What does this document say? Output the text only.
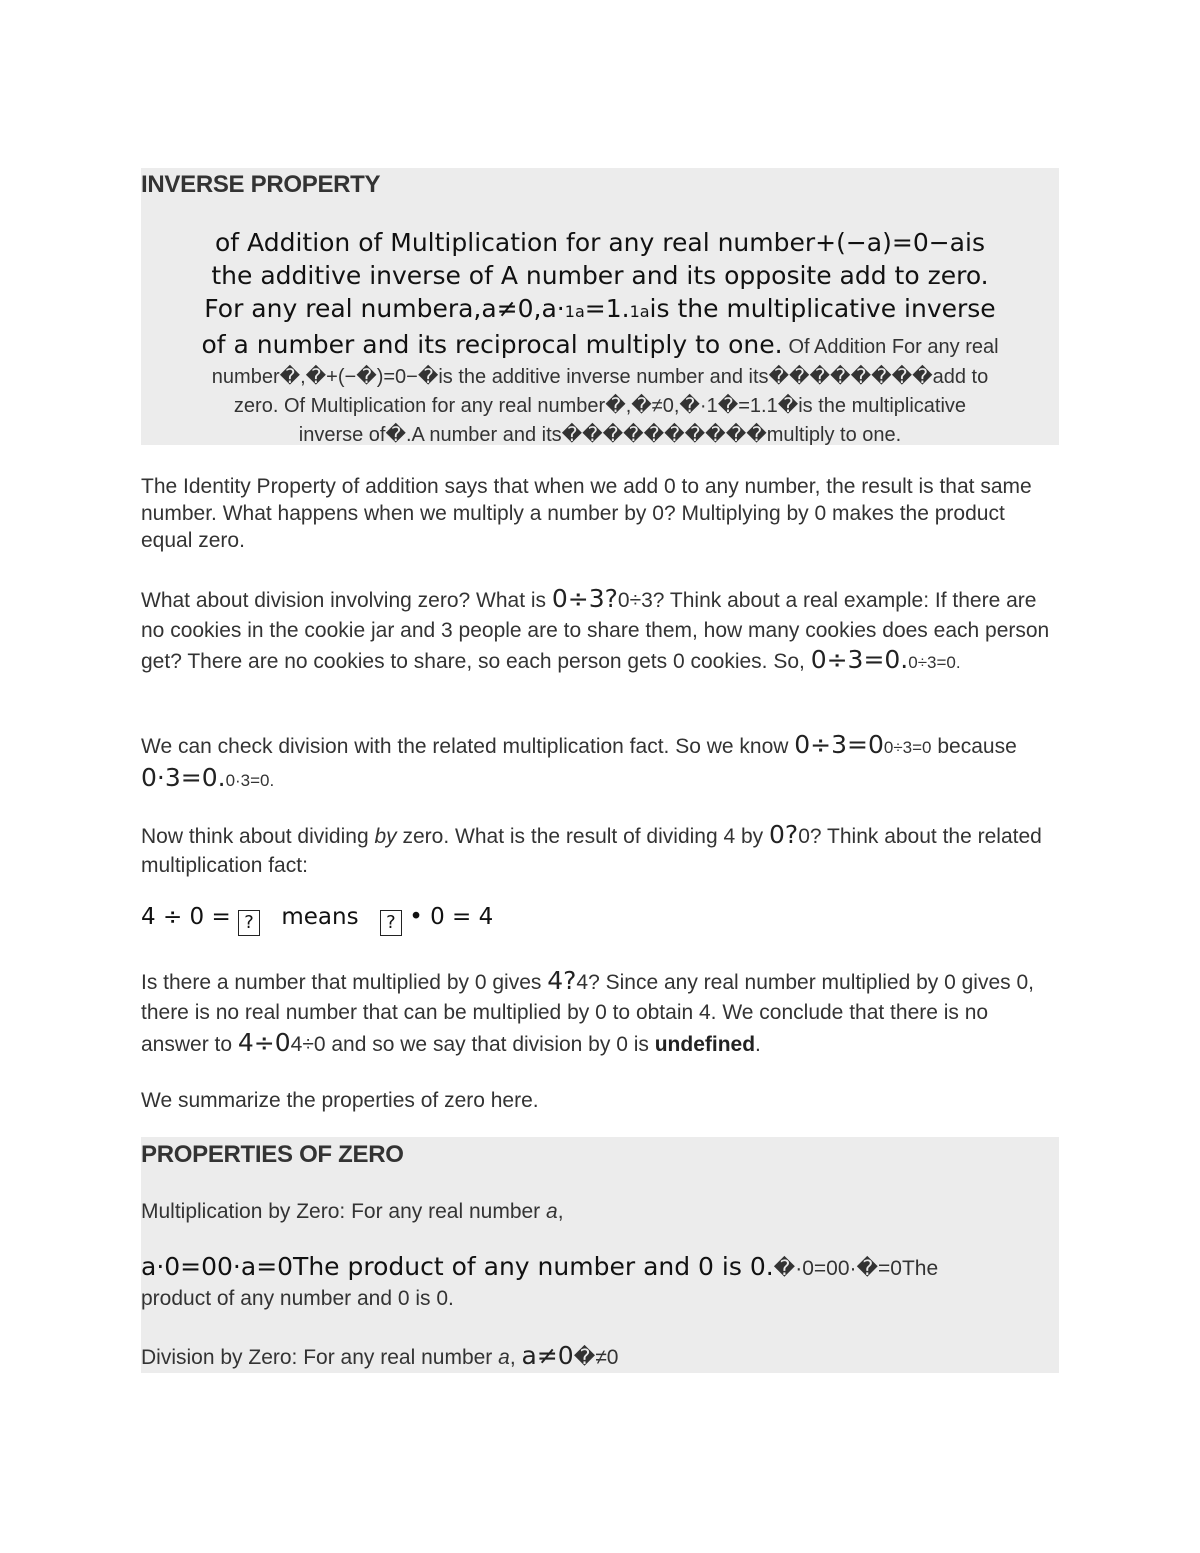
INVERSE PROPERTY
of Addition of Multiplication for any real number+(−a)=0−ais
the additive inverse of A number and its opposite add to zero.
For any real numbera,a≠0,a·1a=1.1ais the multiplicative inverse
of a number and its reciprocal multiply to one. Of Addition For any real
number�,�+(−�)=0−�is the additive inverse number and its��������add to
zero. Of Multiplication for any real number�,�≠0,�·1�=1.1�is the multiplicative
inverse of�.A number and its����������multiply to one.
The Identity Property of addition says that when we add 0 to any number, the result is that same number. What happens when we multiply a number by 0? Multiplying by 0 makes the product equal zero.
What about division involving zero? What is 0÷3?0÷3? Think about a real example: If there are no cookies in the cookie jar and 3 people are to share them, how many cookies does each person get? There are no cookies to share, so each person gets 0 cookies. So, 0÷3=0.0÷3=0.
We can check division with the related multiplication fact. So we know 0÷3=00÷3=0 because 0·3=0.0·3=0.
Now think about dividing by zero. What is the result of dividing 4 by 0?0? Think about the related multiplication fact:
4 ÷ 0 = ? means ? • 0 = 4
Is there a number that multiplied by 0 gives 4?4? Since any real number multiplied by 0 gives 0, there is no real number that can be multiplied by 0 to obtain 4. We conclude that there is no answer to 4÷04÷0 and so we say that division by 0 is undefined.
We summarize the properties of zero here.
PROPERTIES OF ZERO
Multiplication by Zero: For any real number a,
a·0=00·a=0The product of any number and 0 is 0.�·0=00·�=0The
product of any number and 0 is 0.
Division by Zero: For any real number a, a≠0�≠0
